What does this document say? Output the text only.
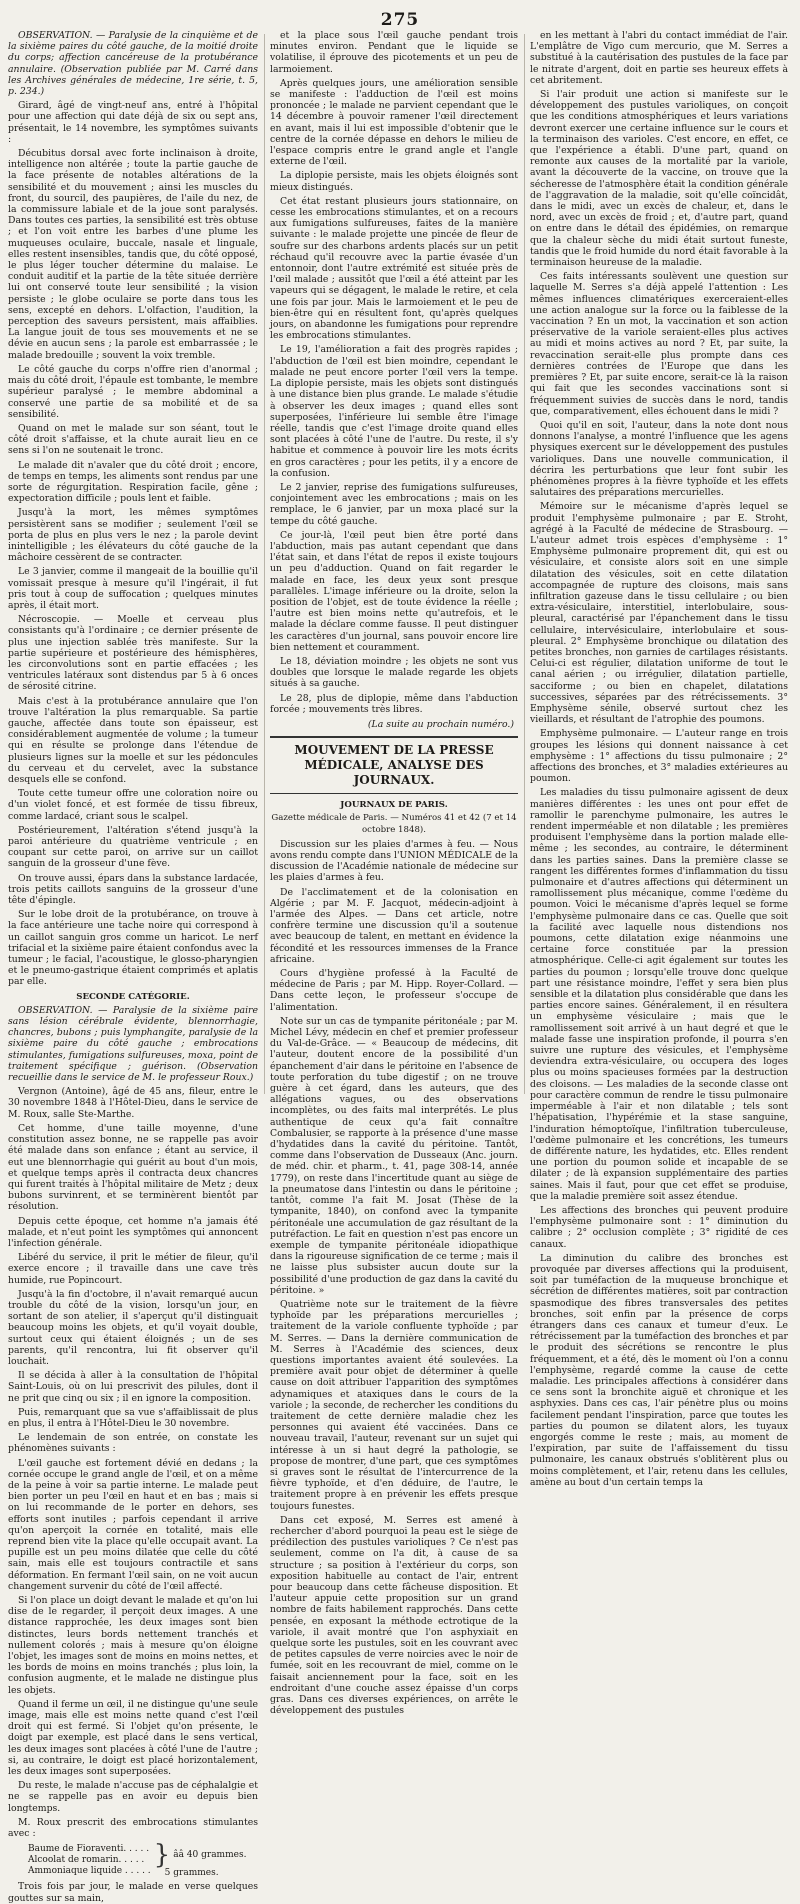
275

OBSERVATION. — Paralysie de la cinquième et de la sixième paires du côté gauche, de la moitié droite du corps; affection cancéreuse de la protubérance annulaire. (Observation publiée par M. Carré dans les Archives générales de médecine, 1re série, t. 5, p. 234.)

Girard, âgé de vingt-neuf ans, entré à l'hôpital pour une affection qui date déjà de six ou sept ans, présentait, le 14 novembre, les symptômes suivants :

Décubitus dorsal avec forte inclinaison à droite, intelligence non altérée ; toute la partie gauche de la face présente de notables altérations de la sensibilité et du mouvement ; ainsi les muscles du front, du sourcil, des paupières, de l'aile du nez, de la commissure labiale et de la joue sont paralysés. Dans toutes ces parties, la sensibilité est très obtuse ; et l'on voit entre les barbes d'une plume les muqueuses oculaire, buccale, nasale et linguale, elles restent insensibles, tandis que, du côté opposé, le plus léger toucher détermine du malaise. Le conduit auditif et la partie de la tête située derrière lui ont conservé toute leur sensibilité ; la vision persiste ; le globe oculaire se porte dans tous les sens, excepté en dehors. L'olfaction, l'audition, la perception des saveurs persistent, mais affaiblies. La langue jouit de tous ses mouvements et ne se dévie en aucun sens ; la parole est embarrassée ; le malade bredouille ; souvent la voix tremble.

Le côté gauche du corps n'offre rien d'anormal ; mais du côté droit, l'épaule est tombante, le membre supérieur paralysé ; le membre abdominal a conservé une partie de sa mobilité et de sa sensibilité.

Quand on met le malade sur son séant, tout le côté droit s'affaisse, et la chute aurait lieu en ce sens si l'on ne soutenait le tronc.

Le malade dit n'avaler que du côté droit ; encore, de temps en temps, les aliments sont rendus par une sorte de régurgitation. Respiration facile, gêne ; expectoration difficile ; pouls lent et faible.

Jusqu'à la mort, les mêmes symptômes persistèrent sans se modifier ; seulement l'œil se porta de plus en plus vers le nez ; la parole devint inintelligible ; les élévateurs du côté gauche de la mâchoire cessèrent de se contracter.

Le 3 janvier, comme il mangeait de la bouillie qu'il vomissait presque à mesure qu'il l'ingérait, il fut pris tout à coup de suffocation ; quelques minutes après, il était mort.

Nécroscopie. — Moelle et cerveau plus consistants qu'à l'ordinaire ; ce dernier présente de plus une injection sablée très manifeste. Sur la partie supérieure et postérieure des hémisphères, les circonvolutions sont en partie effacées ; les ventricules latéraux sont distendus par 5 à 6 onces de sérosité citrine.

Mais c'est à la protubérance annulaire que l'on trouve l'altération la plus remarquable. Sa partie gauche, affectée dans toute son épaisseur, est considérablement augmentée de volume ; la tumeur qui en résulte se prolonge dans l'étendue de plusieurs lignes sur la moelle et sur les pédoncules du cerveau et du cervelet, avec la substance desquels elle se confond.

Toute cette tumeur offre une coloration noire ou d'un violet foncé, et est formée de tissu fibreux, comme lardacé, criant sous le scalpel.

Postérieurement, l'altération s'étend jusqu'à la paroi antérieure du quatrième ventricule ; en coupant sur cette paroi, on arrive sur un caillot sanguin de la grosseur d'une fève.

On trouve aussi, épars dans la substance lardacée, trois petits caillots sanguins de la grosseur d'une tête d'épingle.

Sur le lobe droit de la protubérance, on trouve à la face antérieure une tache noire qui correspond à un caillot sanguin gros comme un haricot. Le nerf trifacial et la sixième paire étaient confondus avec la tumeur ; le facial, l'acoustique, le glosso-pharyngien et le pneumo-gastrique étaient comprimés et aplatis par elle.

SECONDE CATÉGORIE.

OBSERVATION. — Paralysie de la sixième paire sans lésion cérébrale évidente, blennorrhagie, chancres, bubons ; puis lymphangite, paralysie de la sixième paire du côté gauche ; embrocations stimulantes, fumigations sulfureuses, moxa, point de traitement spécifique ; guérison. (Observation recueillie dans le service de M. le professeur Roux.)

Vergnon (Antoine), âgé de 45 ans, fileur, entre le 30 novembre 1848 à l'Hôtel-Dieu, dans le service de M. Roux, salle Ste-Marthe.

Cet homme, d'une taille moyenne, d'une constitution assez bonne, ne se rappelle pas avoir été malade dans son enfance ; étant au service, il eut une blennorrhagie qui guérit au bout d'un mois, et quelque temps après il contracta deux chancres qui furent traités à l'hôpital militaire de Metz ; deux bubons survinrent, et se terminèrent bientôt par résolution.

Depuis cette époque, cet homme n'a jamais été malade, et n'eut point les symptômes qui annoncent l'infection générale.

Libéré du service, il prit le métier de fileur, qu'il exerce encore ; il travaille dans une cave très humide, rue Popincourt.

Jusqu'à la fin d'octobre, il n'avait remarqué aucun trouble du côté de la vision, lorsqu'un jour, en sortant de son atelier, il s'aperçut qu'il distinguait beaucoup moins les objets, et qu'il voyait double, surtout ceux qui étaient éloignés ; un de ses parents, qu'il rencontra, lui fit observer qu'il louchait.

Il se décida à aller à la consultation de l'hôpital Saint-Louis, où on lui prescrivit des pilules, dont il ne prit que cinq ou six ; il en ignore la composition.

Puis, remarquant que sa vue s'affaiblissait de plus en plus, il entra à l'Hôtel-Dieu le 30 novembre.

Le lendemain de son entrée, on constate les phénomènes suivants :

L'œil gauche est fortement dévié en dedans ; la cornée occupe le grand angle de l'œil, et on a même de la peine à voir sa partie interne. Le malade peut bien porter un peu l'œil en haut et en bas ; mais si on lui recommande de le porter en dehors, ses efforts sont inutiles ; parfois cependant il arrive qu'on aperçoit la cornée en totalité, mais elle reprend bien vite la place qu'elle occupait avant. La pupille est un peu moins dilatée que celle du côté sain, mais elle est toujours contractile et sans déformation. En fermant l'œil sain, on ne voit aucun changement survenir du côté de l'œil affecté.

Si l'on place un doigt devant le malade et qu'on lui dise de le regarder, il perçoit deux images. A une distance rapprochée, les deux images sont bien distinctes, leurs bords nettement tranchés et nullement colorés ; mais à mesure qu'on éloigne l'objet, les images sont de moins en moins nettes, et les bords de moins en moins tranchés ; plus loin, la confusion augmente, et le malade ne distingue plus les objets.

Quand il ferme un œil, il ne distingue qu'une seule image, mais elle est moins nette quand c'est l'œil droit qui est fermé. Si l'objet qu'on présente, le doigt par exemple, est placé dans le sens vertical, les deux images sont placées à côté l'une de l'autre ; si, au contraire, le doigt est placé horizontalement, les deux images sont superposées.

Du reste, le malade n'accuse pas de céphalalgie et ne se rappelle pas en avoir eu depuis bien longtemps.

M. Roux prescrit des embrocations stimulantes avec :

Baume de Fioraventi. . . . .
Alcoolat de romarin. . . . .
Ammoniaque liquide . . . . .
} ââ 40 grammes.
5 grammes.

Trois fois par jour, le malade en verse quelques gouttes sur sa main,

et la place sous l'œil gauche pendant trois minutes environ. Pendant que le liquide se volatilise, il éprouve des picotements et un peu de larmoiement.

Après quelques jours, une amélioration sensible se manifeste : l'adduction de l'œil est moins prononcée ; le malade ne parvient cependant que le 14 décembre à pouvoir ramener l'œil directement en avant, mais il lui est impossible d'obtenir que le centre de la cornée dépasse en dehors le milieu de l'espace compris entre le grand angle et l'angle externe de l'œil.

La diplopie persiste, mais les objets éloignés sont mieux distingués.

Cet état restant plusieurs jours stationnaire, on cesse les embrocations stimulantes, et on a recours aux fumigations sulfureuses, faites de la manière suivante : le malade projette une pincée de fleur de soufre sur des charbons ardents placés sur un petit réchaud qu'il recouvre avec la partie évasée d'un entonnoir, dont l'autre extrémité est située près de l'œil malade ; aussitôt que l'œil a été atteint par les vapeurs qui se dégagent, le malade le retire, et cela une fois par jour. Mais le larmoiement et le peu de bien-être qui en résultent font, qu'après quelques jours, on abandonne les fumigations pour reprendre les embrocations stimulantes.

Le 19, l'amélioration a fait des progrès rapides ; l'abduction de l'œil est bien moindre, cependant le malade ne peut encore porter l'œil vers la tempe. La diplopie persiste, mais les objets sont distingués à une distance bien plus grande. Le malade s'étudie à observer les deux images ; quand elles sont superposées, l'inférieure lui semble être l'image réelle, tandis que c'est l'image droite quand elles sont placées à côté l'une de l'autre. Du reste, il s'y habitue et commence à pouvoir lire les mots écrits en gros caractères ; pour les petits, il y a encore de la confusion.

Le 2 janvier, reprise des fumigations sulfureuses, conjointement avec les embrocations ; mais on les remplace, le 6 janvier, par un moxa placé sur la tempe du côté gauche.

Ce jour-là, l'œil peut bien être porté dans l'abduction, mais pas autant cependant que dans l'état sain, et dans l'état de repos il existe toujours un peu d'adduction. Quand on fait regarder le malade en face, les deux yeux sont presque parallèles. L'image inférieure ou la droite, selon la position de l'objet, est de toute évidence la réelle ; l'autre est bien moins nette qu'autrefois, et le malade la déclare comme fausse. Il peut distinguer les caractères d'un journal, sans pouvoir encore lire bien nettement et couramment.

Le 18, déviation moindre ; les objets ne sont vus doubles que lorsque le malade regarde les objets situés à sa gauche.

Le 28, plus de diplopie, même dans l'abduction forcée ; mouvements très libres.

(La suite au prochain numéro.)

MOUVEMENT DE LA PRESSE MÉDICALE, ANALYSE DES JOURNAUX.
JOURNAUX DE PARIS.

Gazette médicale de Paris. — Numéros 41 et 42 (7 et 14 octobre 1848).

Discussion sur les plaies d'armes à feu. — Nous avons rendu compte dans l'UNION MÉDICALE de la discussion de l'Académie nationale de médecine sur les plaies d'armes à feu.

De l'acclimatement et de la colonisation en Algérie ; par M. F. Jacquot, médecin-adjoint à l'armée des Alpes. — Dans cet article, notre confrère termine une discussion qu'il a soutenue avec beaucoup de talent, en mettant en évidence la fécondité et les ressources immenses de la France africaine.

Cours d'hygiène professé à la Faculté de médecine de Paris ; par M. Hipp. Royer-Collard. — Dans cette leçon, le professeur s'occupe de l'alimentation.

Note sur un cas de tympanite péritonéale ; par M. Michel Lévy, médecin en chef et premier professeur du Val-de-Grâce. — « Beaucoup de médecins, dit l'auteur, doutent encore de la possibilité d'un épanchement d'air dans le péritoine en l'absence de toute perforation du tube digestif ; on ne trouve guère à cet égard, dans les auteurs, que des allégations vagues, ou des observations incomplètes, ou des faits mal interprétés. Le plus authentique de ceux qu'a fait connaître Combalusier, se rapporte à la présence d'une masse d'hydatides dans la cavité du péritoine. Tantôt, comme dans l'observation de Dusseaux (Anc. journ. de méd. chir. et pharm., t. 41, page 308-14, année 1779), on reste dans l'incertitude quant au siège de la pneumatose dans l'intestin ou dans le péritoine ; tantôt, comme l'a fait M. Josat (Thèse de la tympanite, 1840), on confond avec la tympanite péritonéale une accumulation de gaz résultant de la putréfaction. Le fait en question n'est pas encore un exemple de tympanite péritonéale idiopathique dans la rigoureuse signification de ce terme ; mais il ne laisse plus subsister aucun doute sur la possibilité d'une production de gaz dans la cavité du péritoine. »

Quatrième note sur le traitement de la fièvre typhoïde par les préparations mercurielles ; traitement de la variole confluente typhoïde ; par M. Serres. — Dans la dernière communication de M. Serres à l'Académie des sciences, deux questions importantes avaient été soulevées. La première avait pour objet de déterminer à quelle cause on doit attribuer l'apparition des symptômes adynamiques et ataxiques dans le cours de la variole ; la seconde, de rechercher les conditions du traitement de cette dernière maladie chez les personnes qui avaient été vaccinées. Dans ce nouveau travail, l'auteur, revenant sur un sujet qui intéresse à un si haut degré la pathologie, se propose de montrer, d'une part, que ces symptômes si graves sont le résultat de l'intercurrence de la fièvre typhoïde, et d'en déduire, de l'autre, le traitement propre à en prévenir les effets presque toujours funestes.

Dans cet exposé, M. Serres est amené à rechercher d'abord pourquoi la peau est le siège de prédilection des pustules varioliques ? Ce n'est pas seulement, comme on l'a dit, à cause de sa structure ; sa position à l'extérieur du corps, son exposition habituelle au contact de l'air, entrent pour beaucoup dans cette fâcheuse disposition. Et l'auteur appuie cette proposition sur un grand nombre de faits habilement rapprochés. Dans cette pensée, en exposant la méthode ectrotique de la variole, il avait montré que l'on asphyxiait en quelque sorte les pustules, soit en les couvrant avec de petites capsules de verre noircies avec le noir de fumée, soit en les recouvrant de miel, comme on le faisait anciennement pour la face, soit en les endroitant d'une couche assez épaisse d'un corps gras. Dans ces diverses expériences, on arrête le développement des pustules

en les mettant à l'abri du contact immédiat de l'air. L'emplâtre de Vigo cum mercurio, que M. Serres a substitué à la cautérisation des pustules de la face par le nitrate d'argent, doit en partie ses heureux effets à cet abritement.

Si l'air produit une action si manifeste sur le développement des pustules varioliques, on conçoit que les conditions atmosphériques et leurs variations devront exercer une certaine influence sur le cours et la terminaison des varioles. C'est encore, en effet, ce que l'expérience a établi. D'une part, quand on remonte aux causes de la mortalité par la variole, avant la découverte de la vaccine, on trouve que la sécheresse de l'atmosphère était la condition générale de l'aggravation de la maladie, soit qu'elle coïncidât, dans le midi, avec un excès de chaleur, et, dans le nord, avec un excès de froid ; et, d'autre part, quand on entre dans le détail des épidémies, on remarque que la chaleur sèche du midi était surtout funeste, tandis que le froid humide du nord était favorable à la terminaison heureuse de la maladie.

Ces faits intéressants soulèvent une question sur laquelle M. Serres s'a déjà appelé l'attention : Les mêmes influences climatériques exerceraient-elles une action analogue sur la force ou la faiblesse de la vaccination ? En un mot, la vaccination et son action préservative de la variole seraient-elles plus actives au midi et moins actives au nord ? Et, par suite, la revaccination serait-elle plus prompte dans ces dernières contrées de l'Europe que dans les premières ? Et, par suite encore, serait-ce là la raison qui fait que les secondes vaccinations sont si fréquemment suivies de succès dans le nord, tandis que, comparativement, elles échouent dans le midi ?

Quoi qu'il en soit, l'auteur, dans la note dont nous donnons l'analyse, a montré l'influence que les agens physiques exercent sur le développement des pustules varioliques. Dans une nouvelle communication, il décrira les perturbations que leur font subir les phénomènes propres à la fièvre typhoïde et les effets salutaires des préparations mercurielles.

Mémoire sur le mécanisme d'après lequel se produit l'emphysème pulmonaire ; par E. Stroht, agrégé à la Faculté de médecine de Strasbourg. — L'auteur admet trois espèces d'emphysème : 1° Emphysème pulmonaire proprement dit, qui est ou vésiculaire, et consiste alors soit en une simple dilatation des vésicules, soit en cette dilatation accompagnée de rupture des cloisons, mais sans infiltration gazeuse dans le tissu cellulaire ; ou bien extra-vésiculaire, interstitiel, interlobulaire, sous-pleural, caractérisé par l'épanchement dans le tissu cellulaire, intervésiculaire, interlobulaire et sous-pleural. 2° Emphysème bronchique ou dilatation des petites bronches, non garnies de cartilages résistants. Celui-ci est régulier, dilatation uniforme de tout le canal aérien ; ou irrégulier, dilatation partielle, sacciforme ; ou bien en chapelet, dilatations successives, séparées par des rétrécissements. 3° Emphysème sénile, observé surtout chez les vieillards, et résultant de l'atrophie des poumons.

Emphysème pulmonaire. — L'auteur range en trois groupes les lésions qui donnent naissance à cet emphysème : 1° affections du tissu pulmonaire ; 2° affections des bronches, et 3° maladies extérieures au poumon.

Les maladies du tissu pulmonaire agissent de deux manières différentes : les unes ont pour effet de ramollir le parenchyme pulmonaire, les autres le rendent imperméable et non dilatable ; les premières produisent l'emphysème dans la portion malade elle-même ; les secondes, au contraire, le déterminent dans les parties saines. Dans la première classe se rangent les différentes formes d'inflammation du tissu pulmonaire et d'autres affections qui déterminent un ramollissement plus mécanique, comme l'œdème du poumon. Voici le mécanisme d'après lequel se forme l'emphysème pulmonaire dans ce cas. Quelle que soit la facilité avec laquelle nous distendions nos poumons, cette dilatation exige néanmoins une certaine force constituée par la pression atmosphérique. Celle-ci agit également sur toutes les parties du poumon ; lorsqu'elle trouve donc quelque part une résistance moindre, l'effet y sera bien plus sensible et la dilatation plus considérable que dans les parties encore saines. Généralement, il en résultera un emphysème vésiculaire ; mais que le ramollissement soit arrivé à un haut degré et que le malade fasse une inspiration profonde, il pourra s'en suivre une rupture des vésicules, et l'emphysème deviendra extra-vésiculaire, ou occupera des loges plus ou moins spacieuses formées par la destruction des cloisons. — Les maladies de la seconde classe ont pour caractère commun de rendre le tissu pulmonaire imperméable à l'air et non dilatable ; tels sont l'hépatisation, l'hypérémie et la stase sanguine, l'induration hémoptoïque, l'infiltration tuberculeuse, l'œdème pulmonaire et les concrétions, les tumeurs de différente nature, les hydatides, etc. Elles rendent une portion du poumon solide et incapable de se dilater ; de là expansion supplémentaire des parties saines. Mais il faut, pour que cet effet se produise, que la maladie première soit assez étendue.

Les affections des bronches qui peuvent produire l'emphysème pulmonaire sont : 1° diminution du calibre ; 2° occlusion complète ; 3° rigidité de ces canaux.

La diminution du calibre des bronches est provoquée par diverses affections qui la produisent, soit par tuméfaction de la muqueuse bronchique et sécrétion de différentes matières, soit par contraction spasmodique des fibres transversales des petites bronches, soit enfin par la présence de corps étrangers dans ces canaux et tumeur d'eux. Le rétrécissement par la tuméfaction des bronches et par le produit des sécrétions se rencontre le plus fréquemment, et a été, dès le moment où l'on a connu l'emphysème, regardé comme la cause de cette maladie. Les principales affections à considérer dans ce sens sont la bronchite aiguë et chronique et les asphyxies. Dans ces cas, l'air pénètre plus ou moins facilement pendant l'inspiration, parce que toutes les parties du poumon se dilatent alors, les tuyaux engorgés comme le reste ; mais, au moment de l'expiration, par suite de l'affaissement du tissu pulmonaire, les canaux obstrués s'oblitèrent plus ou moins complètement, et l'air, retenu dans les cellules, amène au bout d'un certain temps la
